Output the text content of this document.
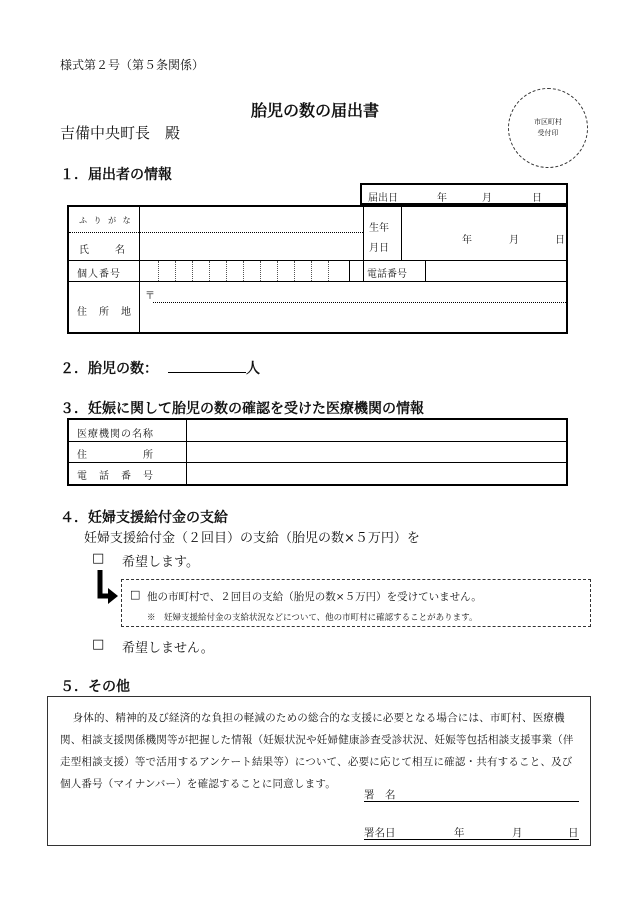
様式第２号（第５条関係）
胎児の数の届出書
吉備中央町長　殿
市区町村
受付印
１．届出者の情報
届出日	年	月	日
ふ り が な
氏　　名
生年
月日
年	月	日
個人番号	電話番号
住　所　地
〒
２．胎児の数：	人
３．妊娠に関して胎児の数の確認を受けた医療機関の情報
医療機関の名称
住　　　　　所
電　話　番　号
４．妊婦支援給付金の支給
妊婦支援給付金（２回目）の支給（胎児の数×５万円）を
□ 希望します。
□ 他の市町村で、２回目の支給（胎児の数×５万円）を受けていません。
※　妊婦支援給付金の支給状況などについて、他の市町村に確認することがあります。
□ 希望しません。
５．その他
身体的、精神的及び経済的な負担の軽減のための総合的な支援に必要となる場合には、市町村、医療機関、相談支援関係機関等が把握した情報（妊娠状況や妊婦健康診査受診状況、妊娠等包括相談支援事業（伴走型相談支援）等で活用するアンケート結果等）について、必要に応じて相互に確認・共有すること、及び個人番号（マイナンバー）を確認することに同意します。
署　名
署名日	年	月	日
